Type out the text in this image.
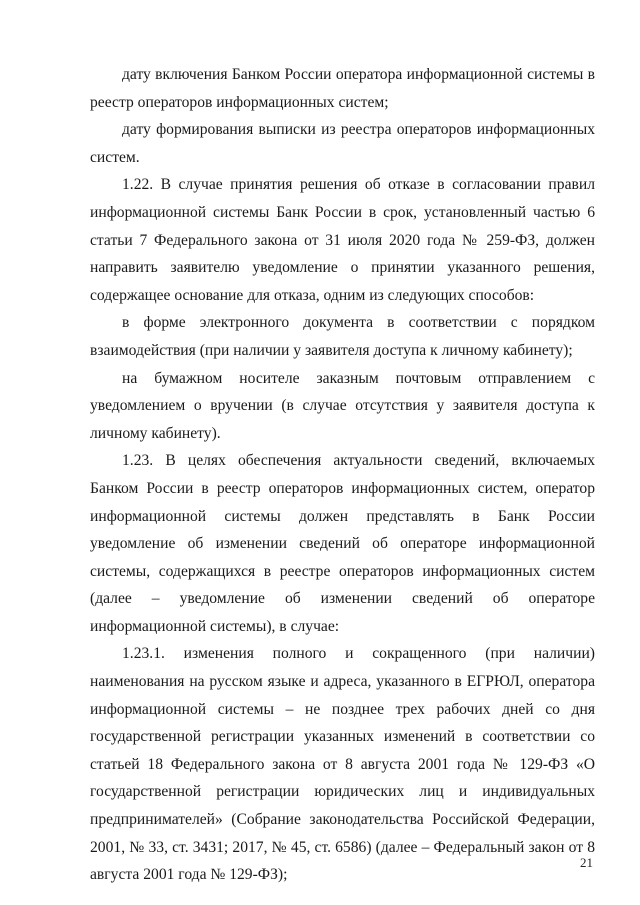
дату включения Банком России оператора информационной системы в реестр операторов информационных систем;

дату формирования выписки из реестра операторов информационных систем.

1.22. В случае принятия решения об отказе в согласовании правил информационной системы Банк России в срок, установленный частью 6 статьи 7 Федерального закона от 31 июля 2020 года № 259-ФЗ, должен направить заявителю уведомление о принятии указанного решения, содержащее основание для отказа, одним из следующих способов:

в форме электронного документа в соответствии с порядком взаимодействия (при наличии у заявителя доступа к личному кабинету);

на бумажном носителе заказным почтовым отправлением с уведомлением о вручении (в случае отсутствия у заявителя доступа к личному кабинету).

1.23. В целях обеспечения актуальности сведений, включаемых Банком России в реестр операторов информационных систем, оператор информационной системы должен представлять в Банк России уведомление об изменении сведений об операторе информационной системы, содержащихся в реестре операторов информационных систем (далее – уведомление об изменении сведений об операторе информационной системы), в случае:

1.23.1. изменения полного и сокращенного (при наличии) наименования на русском языке и адреса, указанного в ЕГРЮЛ, оператора информационной системы – не позднее трех рабочих дней со дня государственной регистрации указанных изменений в соответствии со статьей 18 Федерального закона от 8 августа 2001 года № 129-ФЗ «О государственной регистрации юридических лиц и индивидуальных предпринимателей» (Собрание законодательства Российской Федерации, 2001, № 33, ст. 3431; 2017, № 45, ст. 6586) (далее – Федеральный закон от 8 августа 2001 года № 129-ФЗ);

21
